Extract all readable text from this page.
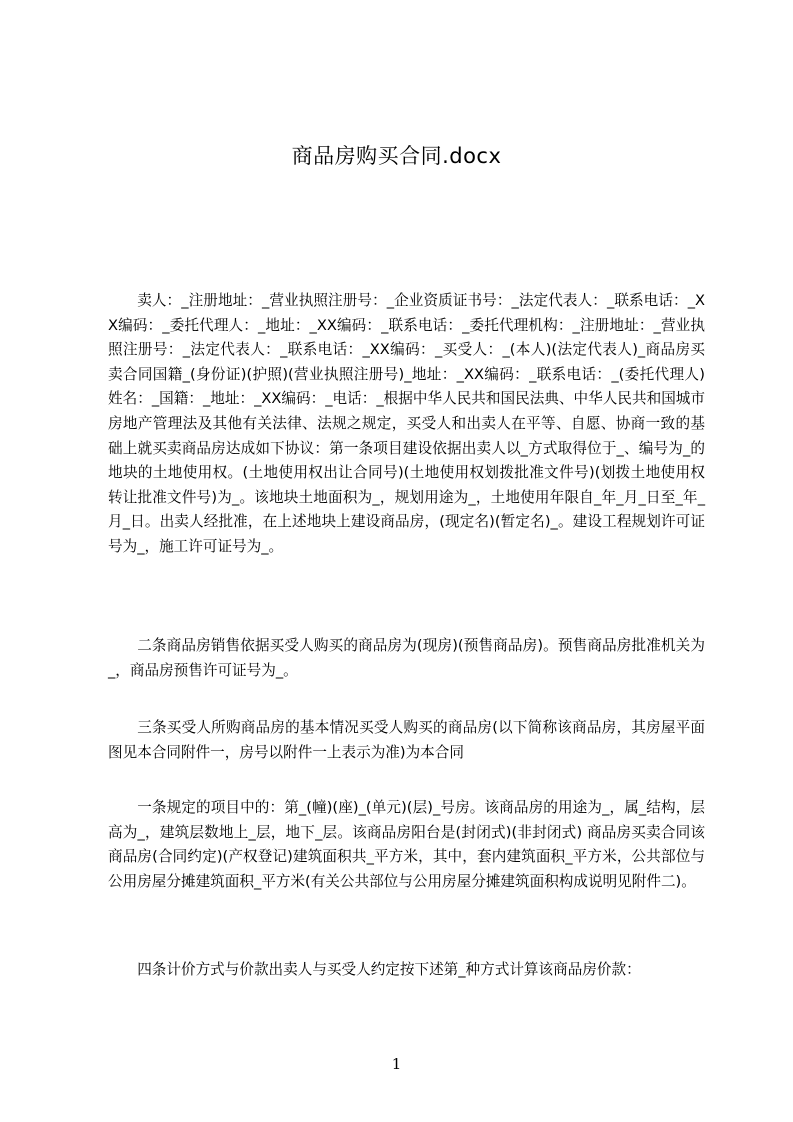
商品房购买合同.docx

卖人：_注册地址：_营业执照注册号：_企业资质证书号：_法定代表人：_联系电话：_XX编码：_委托代理人：_地址：_XX编码：_联系电话：_委托代理机构：_注册地址：_营业执照注册号：_法定代表人：_联系电话：_XX编码：_买受人：_(本人)(法定代表人)_商品房买卖合同国籍_(身份证)(护照)(营业执照注册号)_地址：_XX编码：_联系电话：_(委托代理人)姓名：_国籍：_地址：_XX编码：_电话：_根据中华人民共和国民法典、中华人民共和国城市房地产管理法及其他有关法律、法规之规定，买受人和出卖人在平等、自愿、协商一致的基础上就买卖商品房达成如下协议：第一条项目建设依据出卖人以_方式取得位于_、编号为_的地块的土地使用权。(土地使用权出让合同号)(土地使用权划拨批准文件号)(划拨土地使用权转让批准文件号)为_。该地块土地面积为_，规划用途为_，土地使用年限自_年_月_日至_年_月_日。出卖人经批准，在上述地块上建设商品房，(现定名)(暂定名)_。建设工程规划许可证号为_，施工许可证号为_。

二条商品房销售依据买受人购买的商品房为(现房)(预售商品房)。预售商品房批准机关为_，商品房预售许可证号为_。

三条买受人所购商品房的基本情况买受人购买的商品房(以下简称该商品房，其房屋平面图见本合同附件一，房号以附件一上表示为准)为本合同

一条规定的项目中的：第_(幢)(座)_(单元)(层)_号房。该商品房的用途为_，属_结构，层高为_，建筑层数地上_层，地下_层。该商品房阳台是(封闭式)(非封闭式) 商品房买卖合同该商品房(合同约定)(产权登记)建筑面积共_平方米，其中，套内建筑面积_平方米，公共部位与公用房屋分摊建筑面积_平方米(有关公共部位与公用房屋分摊建筑面积构成说明见附件二)。

四条计价方式与价款出卖人与买受人约定按下述第_种方式计算该商品房价款：

1
